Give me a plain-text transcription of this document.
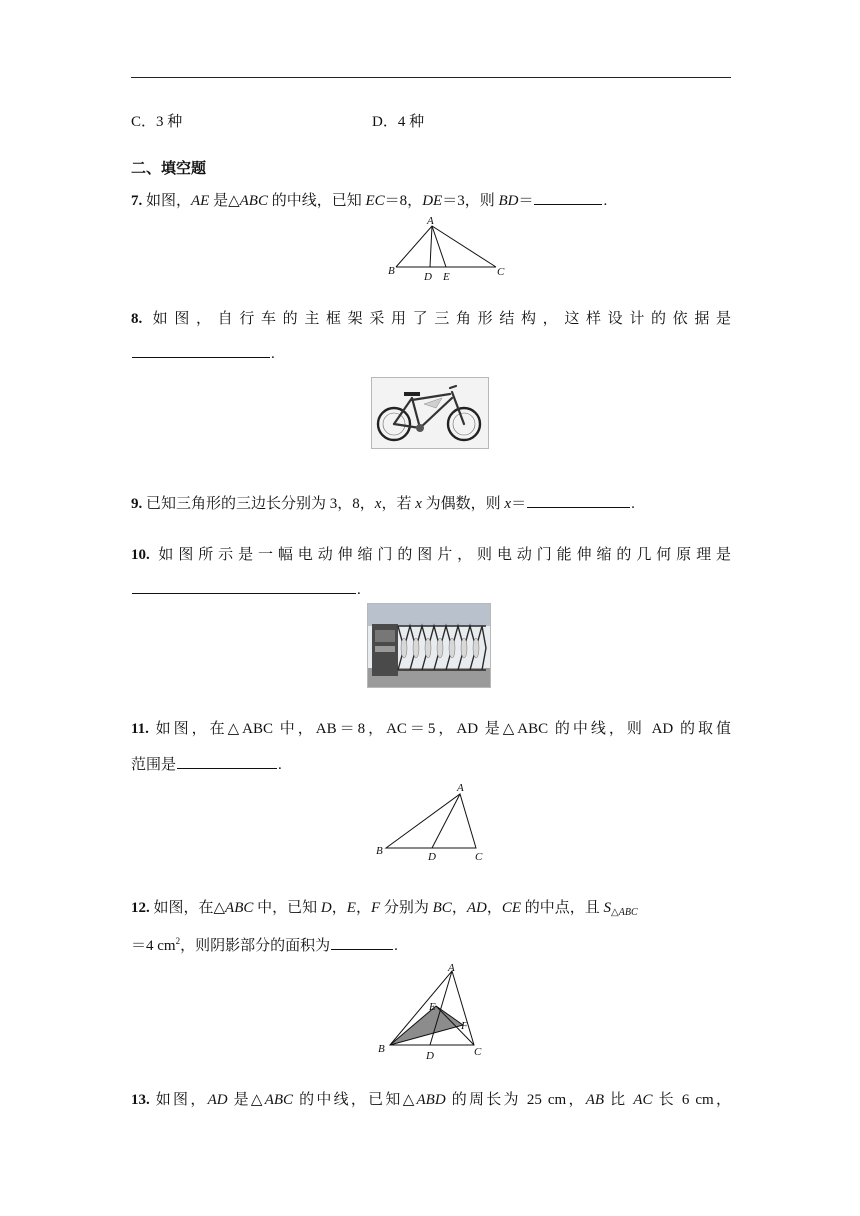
C．3 种	D．4 种
二、填空题
7. 如图，AE 是△ABC 的中线，已知 EC＝8，DE＝3，则 BD＝	.
A
B	C
D E
8. 如图，自行车的主框架采用了三角形结构，这样设计的依据是
.
9. 已知三角形的三边长分别为 3，8，x，若 x 为偶数，则 x＝	.
10. 如图所示是一幅电动伸缩门的图片，则电动门能伸缩的几何原理是
.
11. 如图，在△ABC 中，AB＝8，AC＝5，AD 是△ABC 的中线，则 AD 的取值
范围是	.
A
B	C
D
12. 如图，在△ABC 中，已知 D，E，F 分别为 BC，AD，CE 的中点，且 $S_{\triangle ABC}$
＝4 $cm^2$，则阴影部分的面积为	.
A
B	C
D
E
F
13. 如图，AD 是△ABC 的中线，已知△ABD 的周长为 25 cm，AB 比 AC 长 6 cm，
